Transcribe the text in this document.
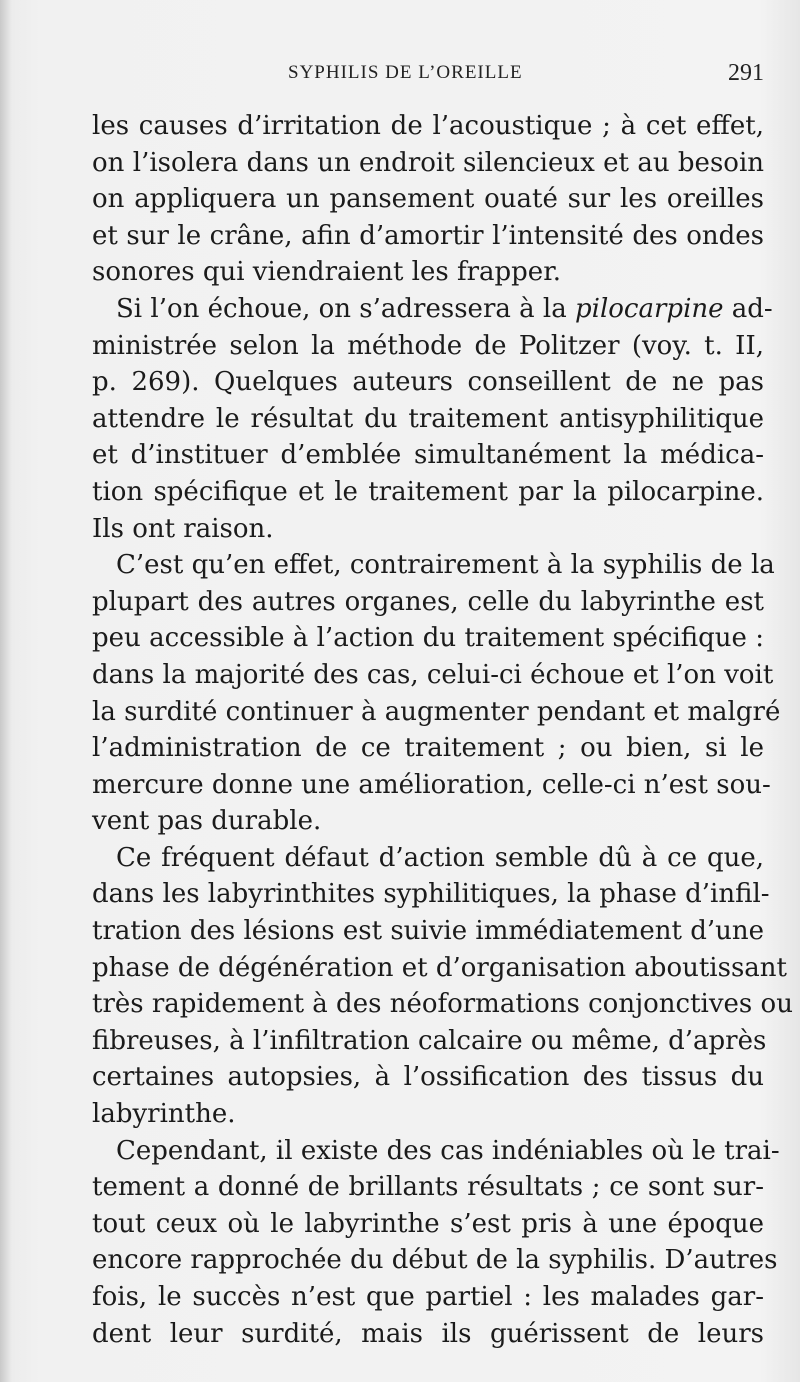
SYPHILIS DE L’OREILLE	291
les causes d’irritation de l’acoustique ; à cet effet,
on l’isolera dans un endroit silencieux et au besoin
on appliquera un pansement ouaté sur les oreilles
et sur le crâne, afin d’amortir l’intensité des ondes
sonores qui viendraient les frapper.
Si l’on échoue, on s’adressera à la pilocarpine ad-
ministrée selon la méthode de Politzer (voy. t. II,
p. 269). Quelques auteurs conseillent de ne pas
attendre le résultat du traitement antisyphilitique
et d’instituer d’emblée simultanément la médica-
tion spécifique et le traitement par la pilocarpine.
Ils ont raison.
C’est qu’en effet, contrairement à la syphilis de la
plupart des autres organes, celle du labyrinthe est
peu accessible à l’action du traitement spécifique :
dans la majorité des cas, celui-ci échoue et l’on voit
la surdité continuer à augmenter pendant et malgré
l’administration de ce traitement ; ou bien, si le
mercure donne une amélioration, celle-ci n’est sou-
vent pas durable.
Ce fréquent défaut d’action semble dû à ce que,
dans les labyrinthites syphilitiques, la phase d’infil-
tration des lésions est suivie immédiatement d’une
phase de dégénération et d’organisation aboutissant
très rapidement à des néoformations conjonctives ou
fibreuses, à l’infiltration calcaire ou même, d’après
certaines autopsies, à l’ossification des tissus du
labyrinthe.
Cependant, il existe des cas indéniables où le trai-
tement a donné de brillants résultats ; ce sont sur-
tout ceux où le labyrinthe s’est pris à une époque
encore rapprochée du début de la syphilis. D’autres
fois, le succès n’est que partiel : les malades gar-
dent leur surdité, mais ils guérissent de leurs
